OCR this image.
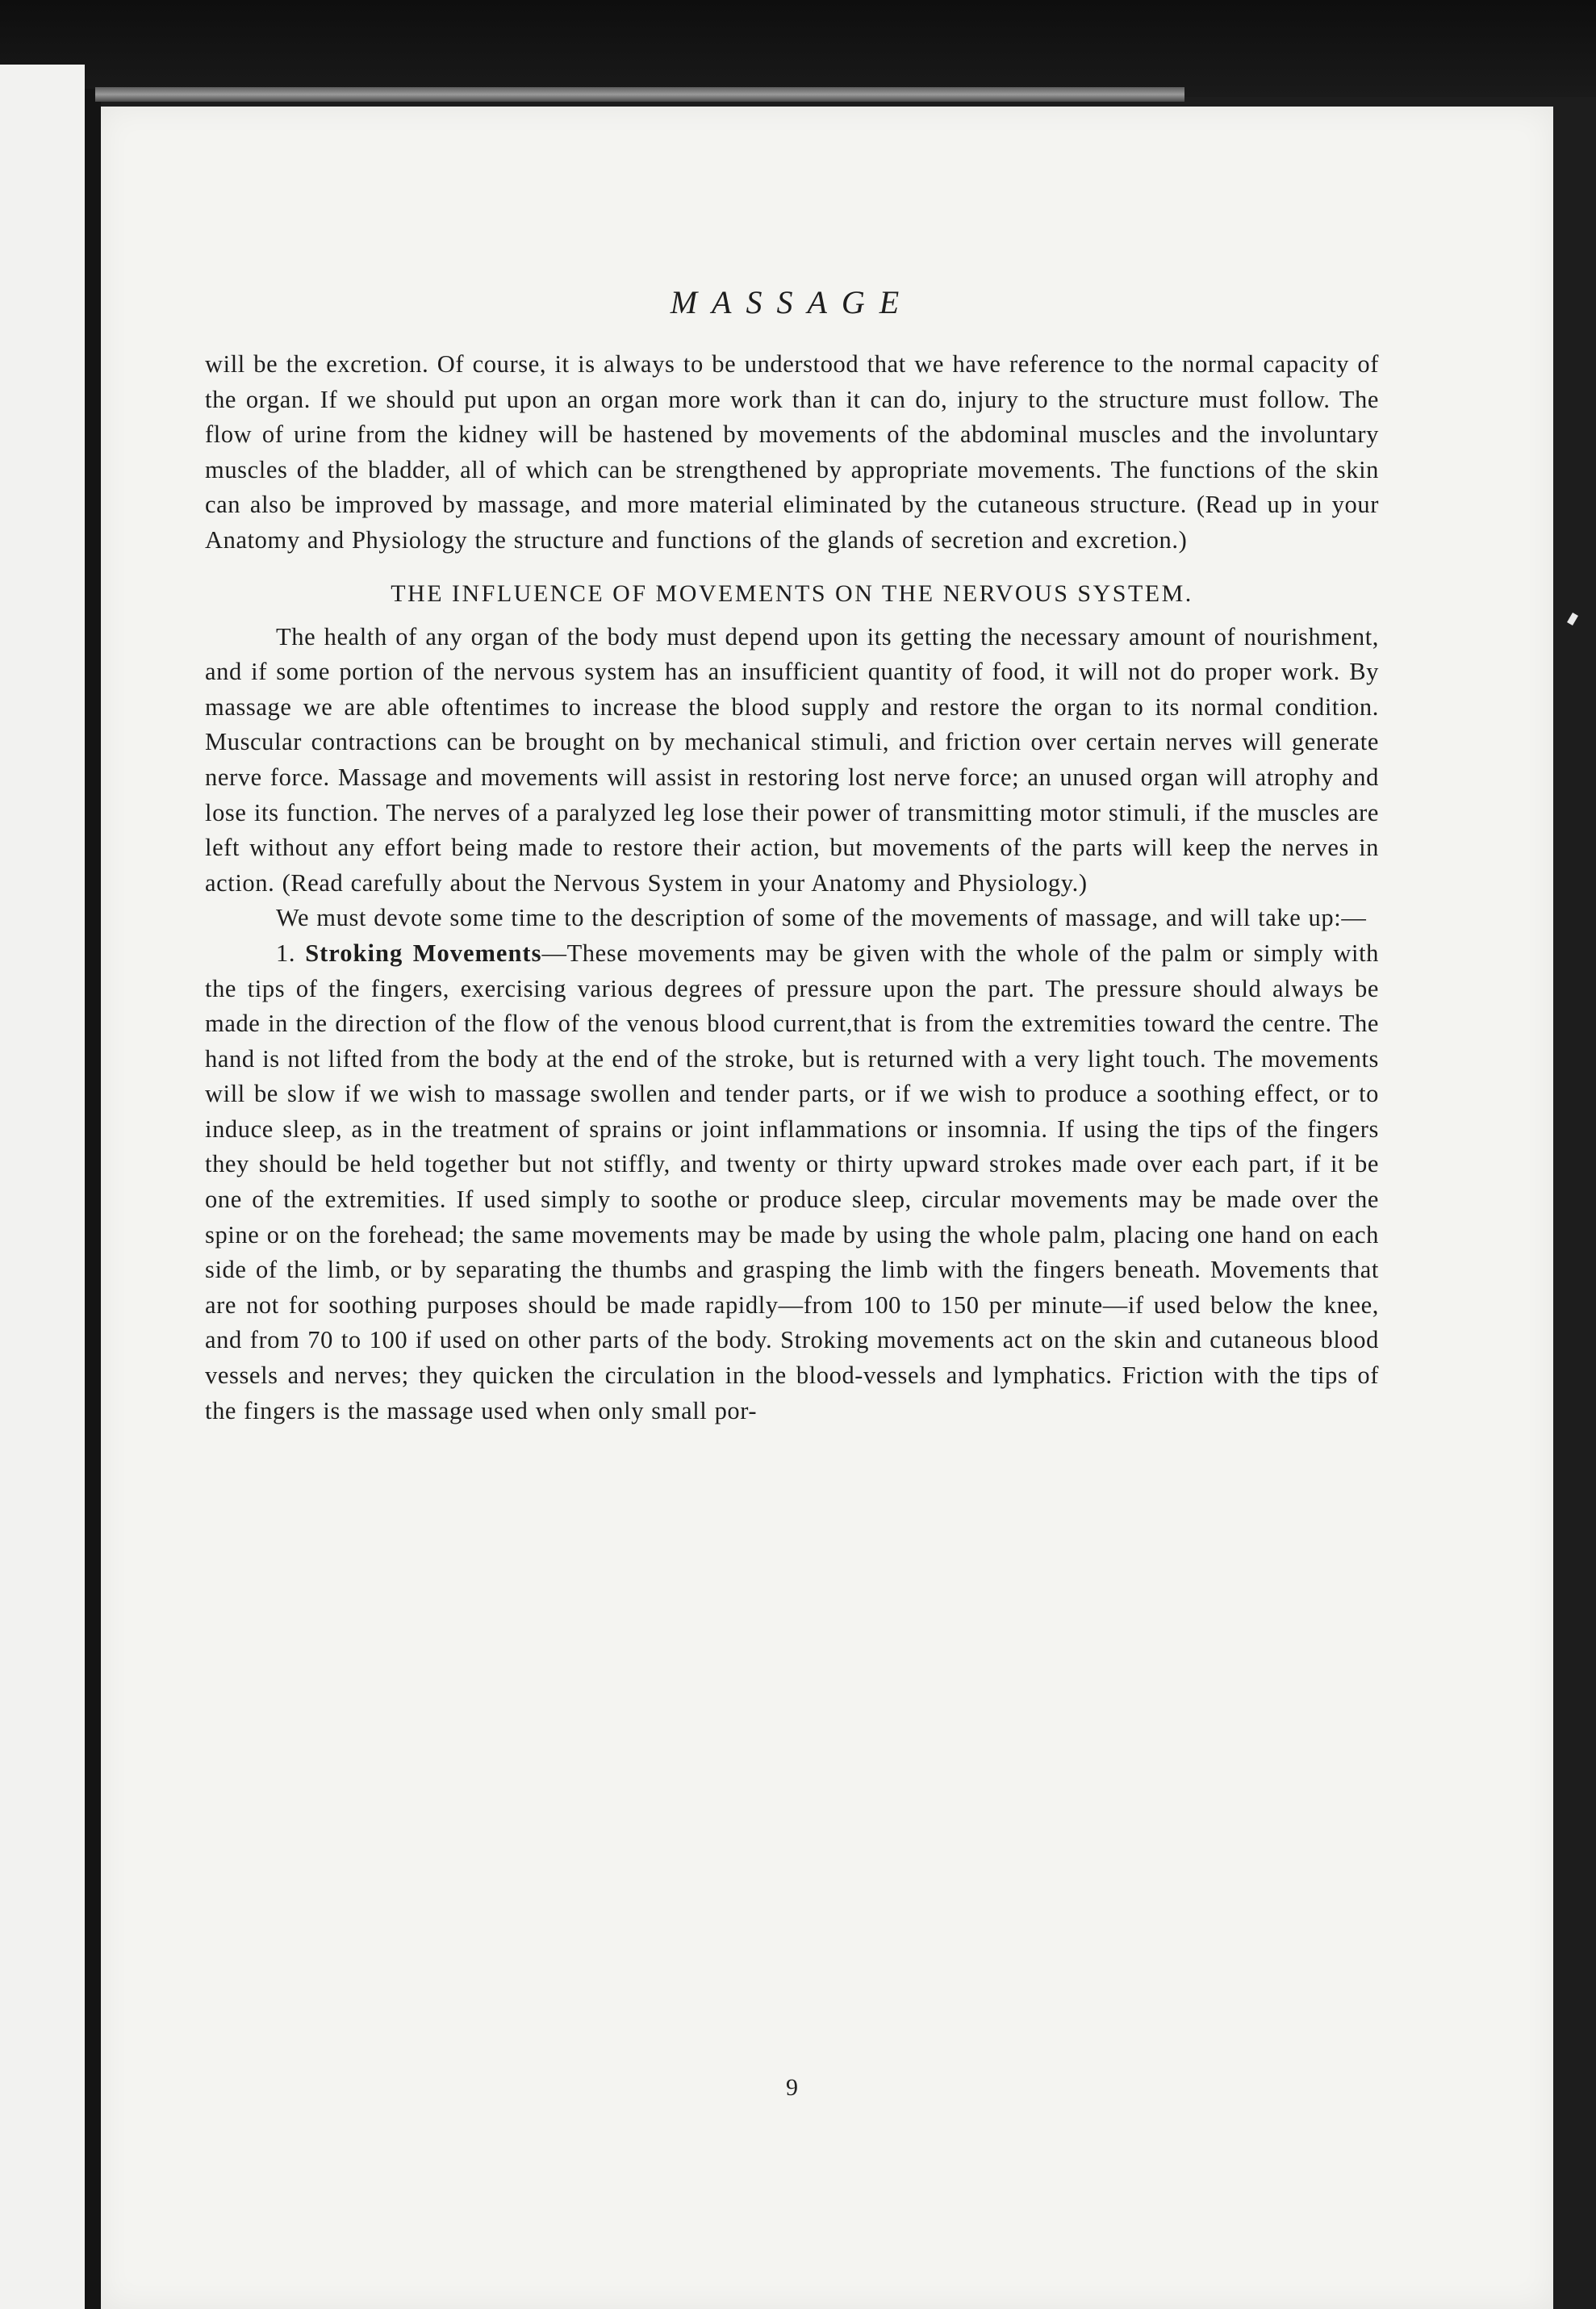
MASSAGE

will be the excretion. Of course, it is always to be understood that we have reference to the normal capacity of the organ. If we should put upon an organ more work than it can do, injury to the structure must follow. The flow of urine from the kidney will be hastened by movements of the abdominal muscles and the involuntary muscles of the bladder, all of which can be strengthened by appropriate movements. The functions of the skin can also be improved by massage, and more material eliminated by the cutaneous structure. (Read up in your Anatomy and Physiology the structure and functions of the glands of secretion and excretion.)

THE INFLUENCE OF MOVEMENTS ON THE NERVOUS SYSTEM.

The health of any organ of the body must depend upon its getting the necessary amount of nourishment, and if some portion of the nervous system has an insufficient quantity of food, it will not do proper work. By massage we are able oftentimes to increase the blood supply and restore the organ to its normal condition. Muscular contractions can be brought on by mechanical stimuli, and friction over certain nerves will generate nerve force. Massage and movements will assist in restoring lost nerve force; an unused organ will atrophy and lose its function. The nerves of a paralyzed leg lose their power of transmitting motor stimuli, if the muscles are left without any effort being made to restore their action, but movements of the parts will keep the nerves in action. (Read carefully about the Nervous System in your Anatomy and Physiology.)

We must devote some time to the description of some of the movements of massage, and will take up:—

1. Stroking Movements—These movements may be given with the whole of the palm or simply with the tips of the fingers, exercising various degrees of pressure upon the part. The pressure should always be made in the direction of the flow of the venous blood current,that is from the extremities toward the centre. The hand is not lifted from the body at the end of the stroke, but is returned with a very light touch. The movements will be slow if we wish to massage swollen and tender parts, or if we wish to produce a soothing effect, or to induce sleep, as in the treatment of sprains or joint inflammations or insomnia. If using the tips of the fingers they should be held together but not stiffly, and twenty or thirty upward strokes made over each part, if it be one of the extremities. If used simply to soothe or produce sleep, circular movements may be made over the spine or on the forehead; the same movements may be made by using the whole palm, placing one hand on each side of the limb, or by separating the thumbs and grasping the limb with the fingers beneath. Movements that are not for soothing purposes should be made rapidly—from 100 to 150 per minute—if used below the knee, and from 70 to 100 if used on other parts of the body. Stroking movements act on the skin and cutaneous blood vessels and nerves; they quicken the circulation in the blood-vessels and lymphatics. Friction with the tips of the fingers is the massage used when only small por-

9
